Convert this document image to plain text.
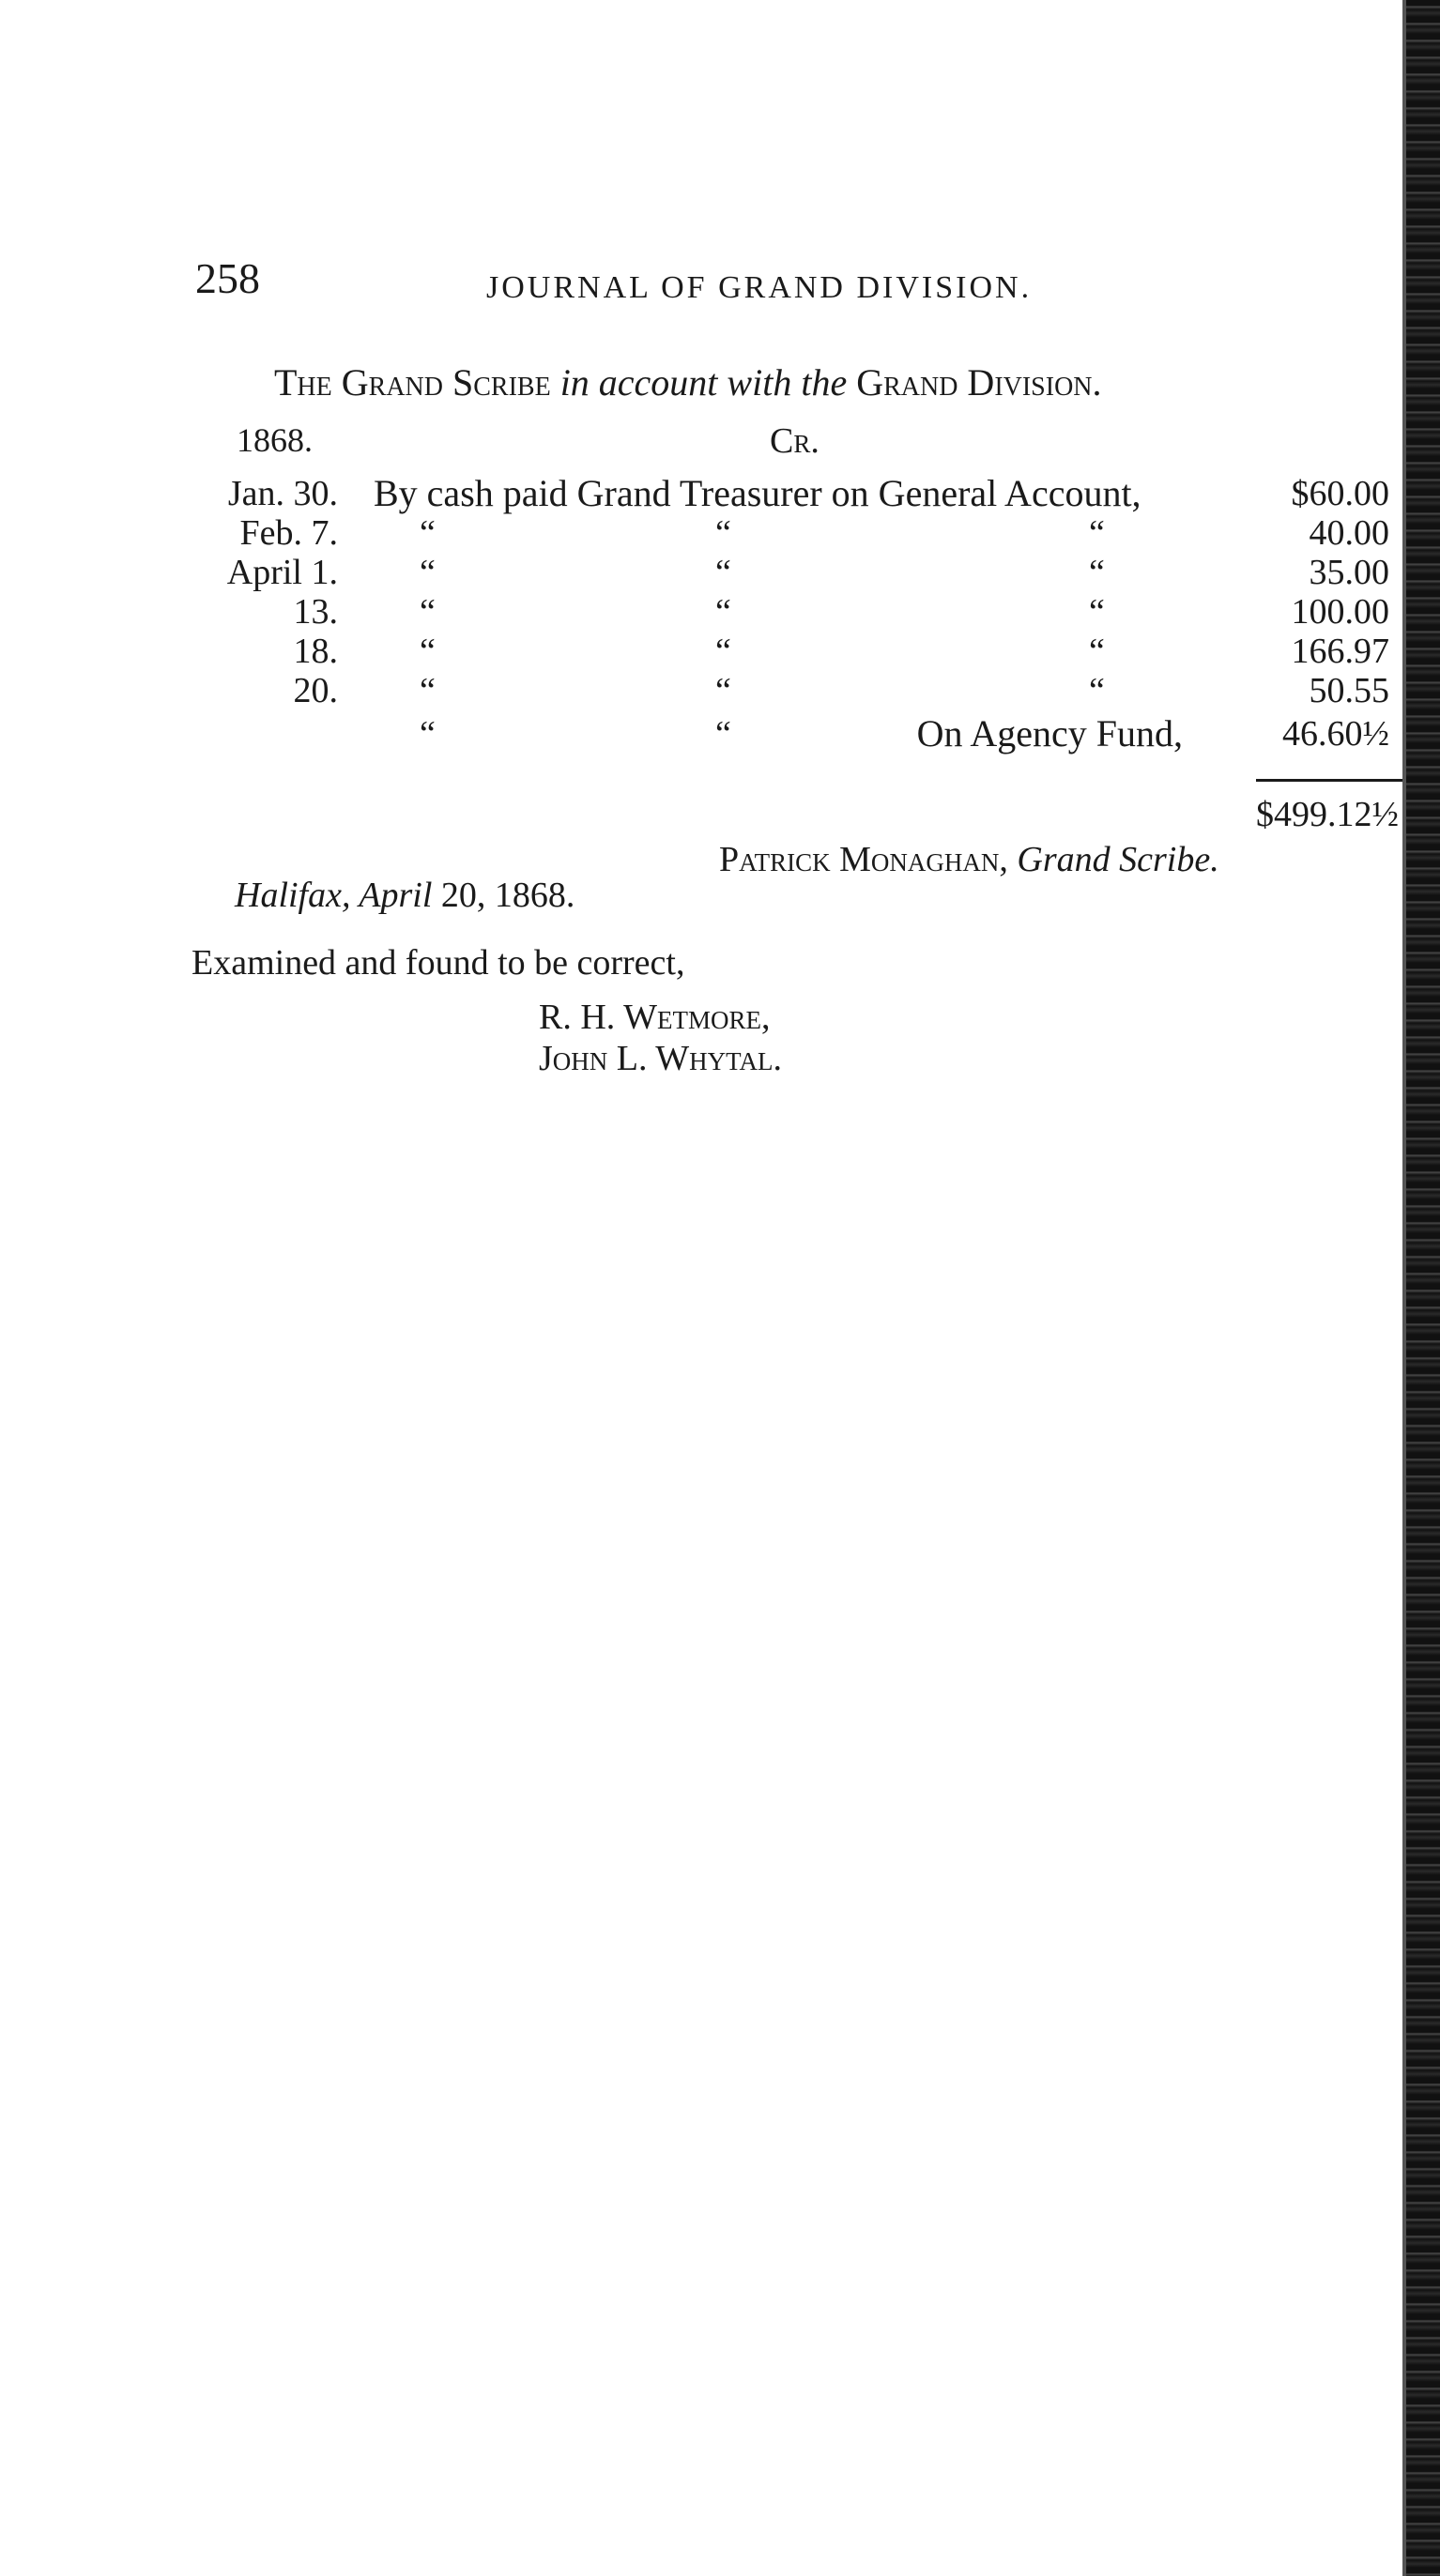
258	JOURNAL OF GRAND DIVISION.
The Grand Scribe in account with the Grand Division.
1868.	Cr.
Jan. 30. By cash paid Grand Treasurer on General Account,	$60.00
Feb. 7. “	“	“	40.00
April 1. “	“	“	35.00
13. “	“	“	100.00
18. “	“	“	166.97
20. “	“	“	50.55
“	“	On Agency Fund,	46.60½
$499.12½
Patrick Monaghan, Grand Scribe.
Halifax, April 20, 1868.
Examined and found to be correct,
R. H. Wetmore,
John L. Whytal.
